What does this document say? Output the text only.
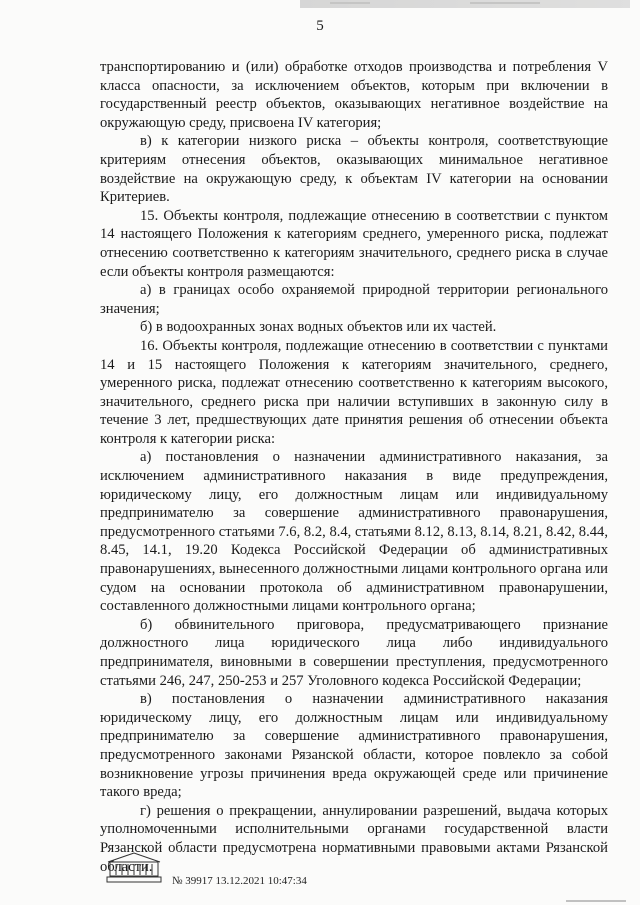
5

транспортированию и (или) обработке отходов производства и потребления V класса опасности, за исключением объектов, которым при включении в государственный реестр объектов, оказывающих негативное воздействие на окружающую среду, присвоена IV категория;

в) к категории низкого риска – объекты контроля, соответствующие критериям отнесения объектов, оказывающих минимальное негативное воздействие на окружающую среду, к объектам IV категории на основании Критериев.

15. Объекты контроля, подлежащие отнесению в соответствии с пунктом 14 настоящего Положения к категориям среднего, умеренного риска, подлежат отнесению соответственно к категориям значительного, среднего риска в случае если объекты контроля размещаются:

а) в границах особо охраняемой природной территории регионального значения;

б) в водоохранных зонах водных объектов или их частей.

16. Объекты контроля, подлежащие отнесению в соответствии с пунктами 14 и 15 настоящего Положения к категориям значительного, среднего, умеренного риска, подлежат отнесению соответственно к категориям высокого, значительного, среднего риска при наличии вступивших в законную силу в течение 3 лет, предшествующих дате принятия решения об отнесении объекта контроля к категории риска:

а) постановления о назначении административного наказания, за исключением административного наказания в виде предупреждения, юридическому лицу, его должностным лицам или индивидуальному предпринимателю за совершение административного правонарушения, предусмотренного статьями 7.6, 8.2, 8.4, статьями 8.12, 8.13, 8.14, 8.21, 8.42, 8.44, 8.45, 14.1, 19.20 Кодекса Российской Федерации об административных правонарушениях, вынесенного должностными лицами контрольного органа или судом на основании протокола об административном правонарушении, составленного должностными лицами контрольного органа;

б) обвинительного приговора, предусматривающего признание должностного лица юридического лица либо индивидуального предпринимателя, виновными в совершении преступления, предусмотренного статьями 246, 247, 250-253 и 257 Уголовного кодекса Российской Федерации;

в) постановления о назначении административного наказания юридическому лицу, его должностным лицам или индивидуальному предпринимателю за совершение административного правонарушения, предусмотренного законами Рязанской области, которое повлекло за собой возникновение угрозы причинения вреда окружающей среде или причинение такого вреда;

г) решения о прекращении, аннулировании разрешений, выдача которых уполномоченными исполнительными органами государственной власти Рязанской области предусмотрена нормативными правовыми актами Рязанской области.

№ 39917 13.12.2021 10:47:34
